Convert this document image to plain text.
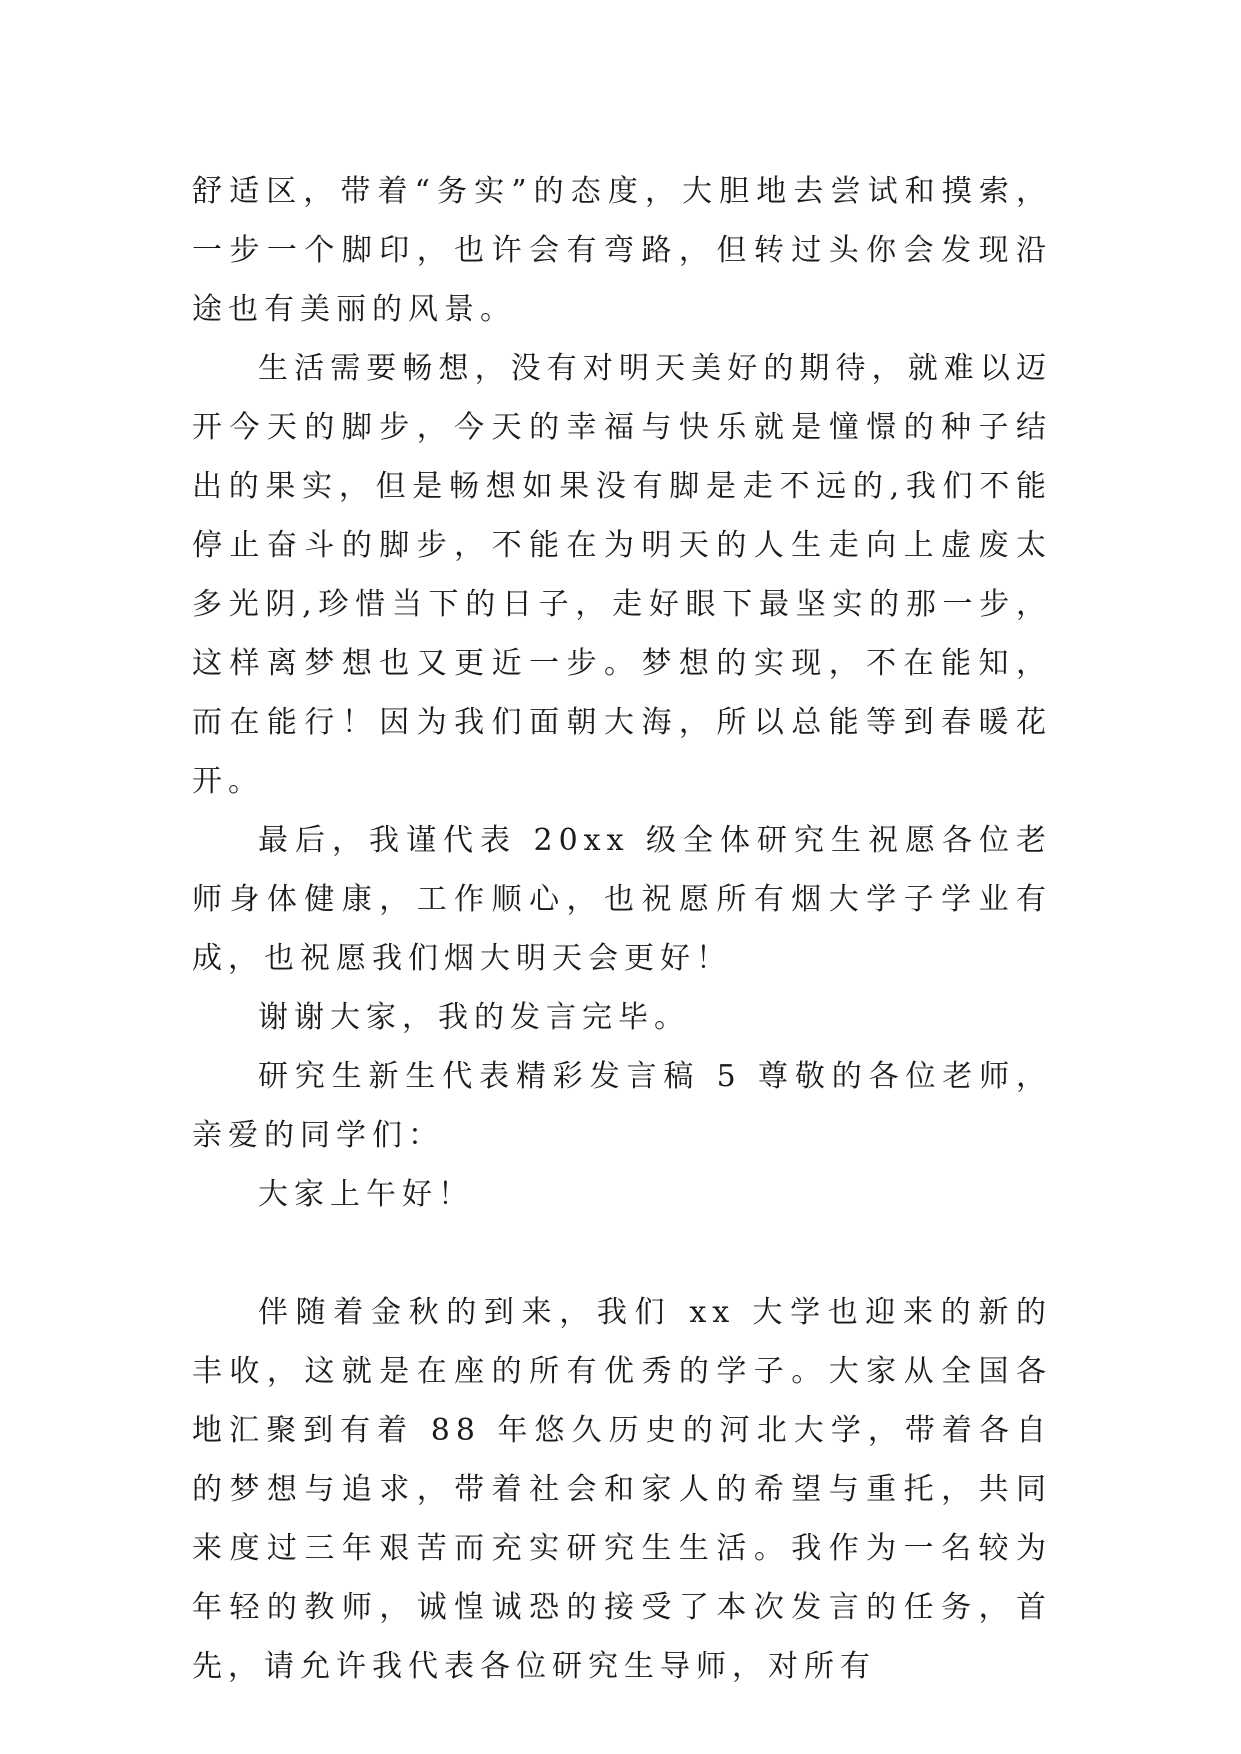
舒适区，带着“务实”的态度，大胆地去尝试和摸索，一步一个脚印，也许会有弯路，但转过头你会发现沿途也有美丽的风景。

生活需要畅想，没有对明天美好的期待，就难以迈开今天的脚步，今天的幸福与快乐就是憧憬的种子结出的果实，但是畅想如果没有脚是走不远的,我们不能停止奋斗的脚步，不能在为明天的人生走向上虚废太多光阴,珍惜当下的日子，走好眼下最坚实的那一步，这样离梦想也又更近一步。梦想的实现，不在能知，而在能行！因为我们面朝大海，所以总能等到春暖花开。

最后，我谨代表 20xx 级全体研究生祝愿各位老师身体健康，工作顺心，也祝愿所有烟大学子学业有成，也祝愿我们烟大明天会更好！

谢谢大家，我的发言完毕。

研究生新生代表精彩发言稿 5 尊敬的各位老师，亲爱的同学们：

大家上午好！

伴随着金秋的到来，我们 xx 大学也迎来的新的丰收，这就是在座的所有优秀的学子。大家从全国各地汇聚到有着 88 年悠久历史的河北大学，带着各自的梦想与追求，带着社会和家人的希望与重托，共同来度过三年艰苦而充实研究生生活。我作为一名较为年轻的教师，诚惶诚恐的接受了本次发言的任务，首先，请允许我代表各位研究生导师，对所有
